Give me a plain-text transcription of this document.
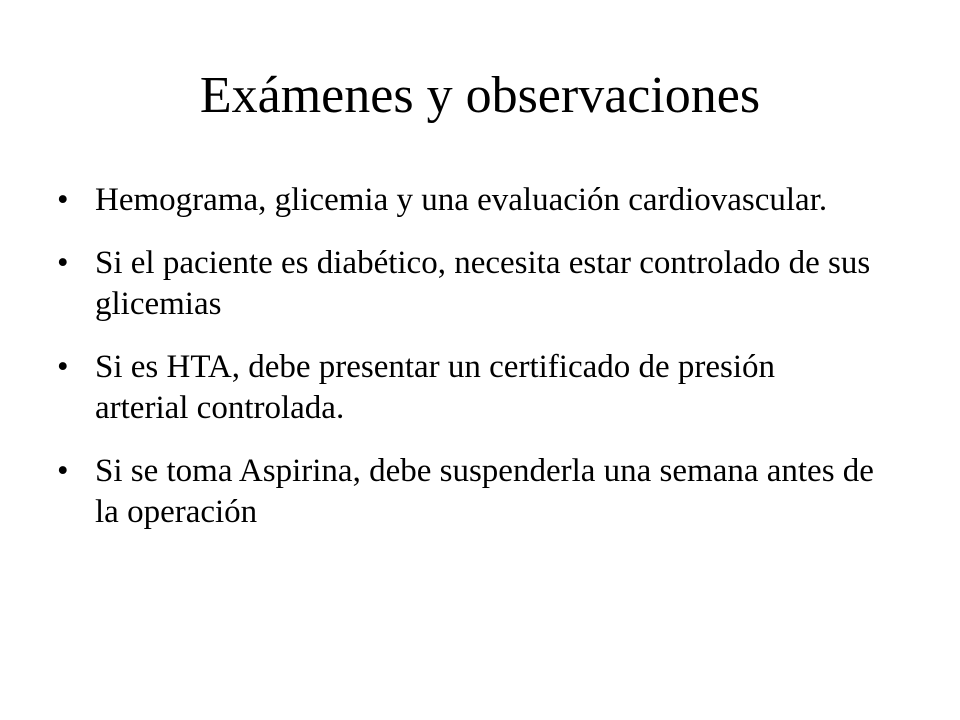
Exámenes y observaciones
• Hemograma, glicemia y una evaluación cardiovascular.
• Si el paciente es diabético, necesita estar controlado de sus glicemias
• Si es HTA, debe presentar un certificado de presión arterial controlada.
• Si se toma Aspirina, debe suspenderla una semana antes de la operación
